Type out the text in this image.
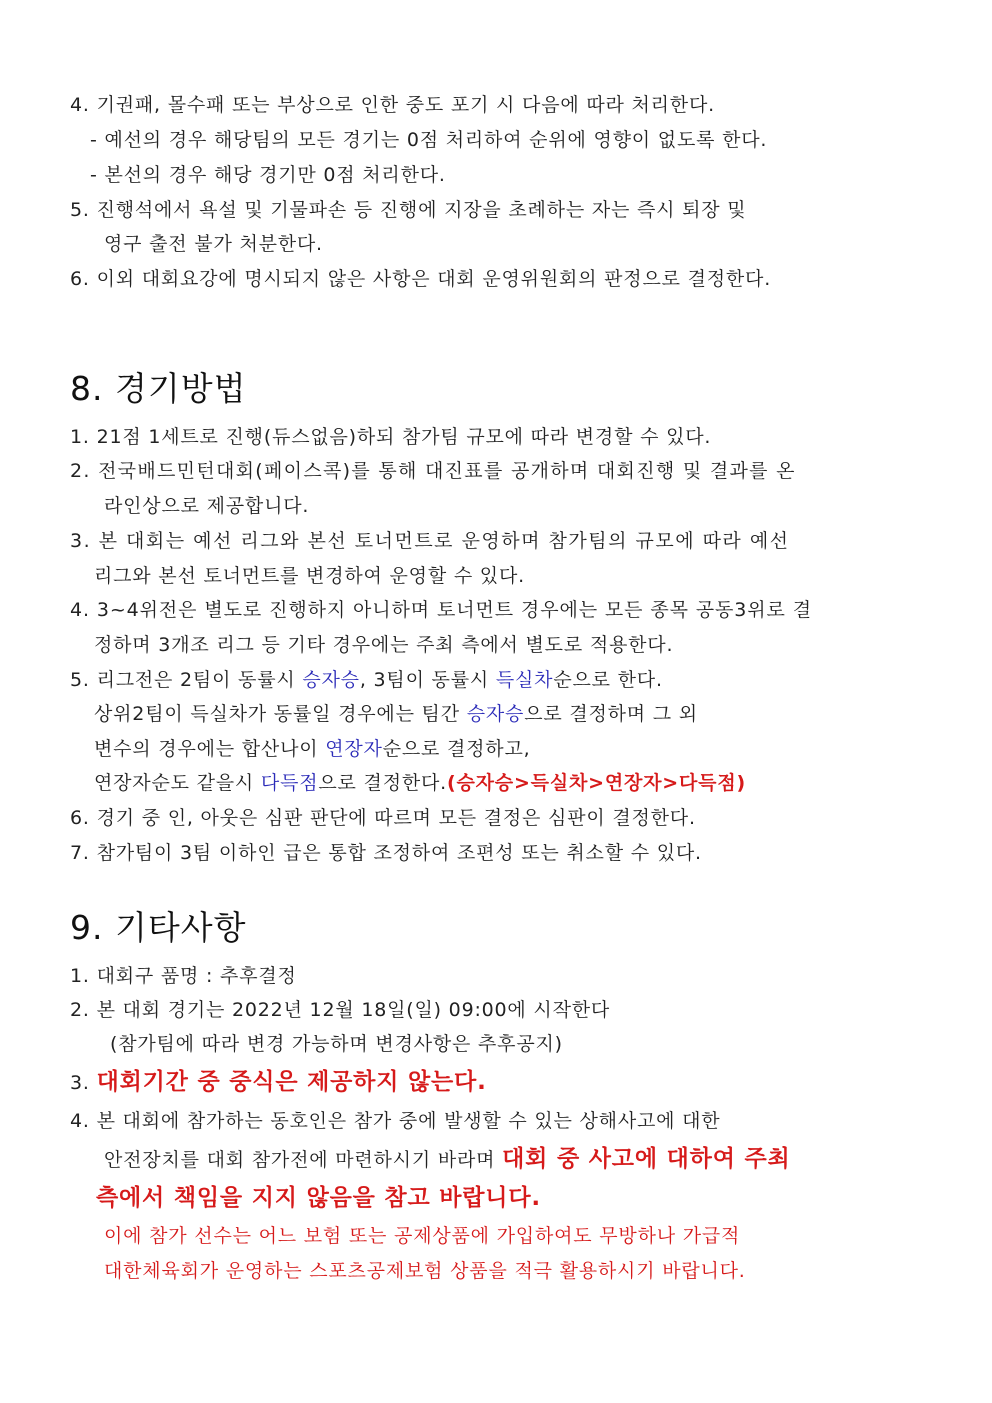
4. 기권패, 몰수패 또는 부상으로 인한 중도 포기 시 다음에 따라 처리한다.
- 예선의 경우 해당팀의 모든 경기는 0점 처리하여 순위에 영향이 없도록 한다.
- 본선의 경우 해당 경기만 0점 처리한다.
5. 진행석에서 욕설 및 기물파손 등 진행에 지장을 초례하는 자는 즉시 퇴장 및
영구 출전 불가 처분한다.
6. 이외 대회요강에 명시되지 않은 사항은 대회 운영위원회의 판정으로 결정한다.
8. 경기방법
1. 21점 1세트로 진행(듀스없음)하되 참가팀 규모에 따라 변경할 수 있다.
2. 전국배드민턴대회(페이스콕)를 통해 대진표를 공개하며 대회진행 및 결과를 온
라인상으로 제공합니다.
3. 본 대회는 예선 리그와 본선 토너먼트로 운영하며 참가팀의 규모에 따라 예선
리그와 본선 토너먼트를 변경하여 운영할 수 있다.
4. 3~4위전은 별도로 진행하지 아니하며 토너먼트 경우에는 모든 종목 공동3위로 결
정하며 3개조 리그 등 기타 경우에는 주최 측에서 별도로 적용한다.
5. 리그전은 2팀이 동률시 승자승, 3팀이 동률시 득실차순으로 한다.
상위2팀이 득실차가 동률일 경우에는 팀간 승자승으로 결정하며 그 외
변수의 경우에는 합산나이 연장자순으로 결정하고,
연장자순도 같을시 다득점으로 결정한다.(승자승>득실차>연장자>다득점)
6. 경기 중 인, 아웃은 심판 판단에 따르며 모든 결정은 심판이 결정한다.
7. 참가팀이 3팀 이하인 급은 통합 조정하여 조편성 또는 취소할 수 있다.
9. 기타사항
1. 대회구 품명 : 추후결정
2. 본 대회 경기는 2022년 12월 18일(일) 09:00에 시작한다
(참가팀에 따라 변경 가능하며 변경사항은 추후공지)
3. 대회기간 중 중식은 제공하지 않는다.
4. 본 대회에 참가하는 동호인은 참가 중에 발생할 수 있는 상해사고에 대한
안전장치를 대회 참가전에 마련하시기 바라며 대회 중 사고에 대하여 주최
측에서 책임을 지지 않음을 참고 바랍니다.
이에 참가 선수는 어느 보험 또는 공제상품에 가입하여도 무방하나 가급적
대한체육회가 운영하는 스포츠공제보험 상품을 적극 활용하시기 바랍니다.
